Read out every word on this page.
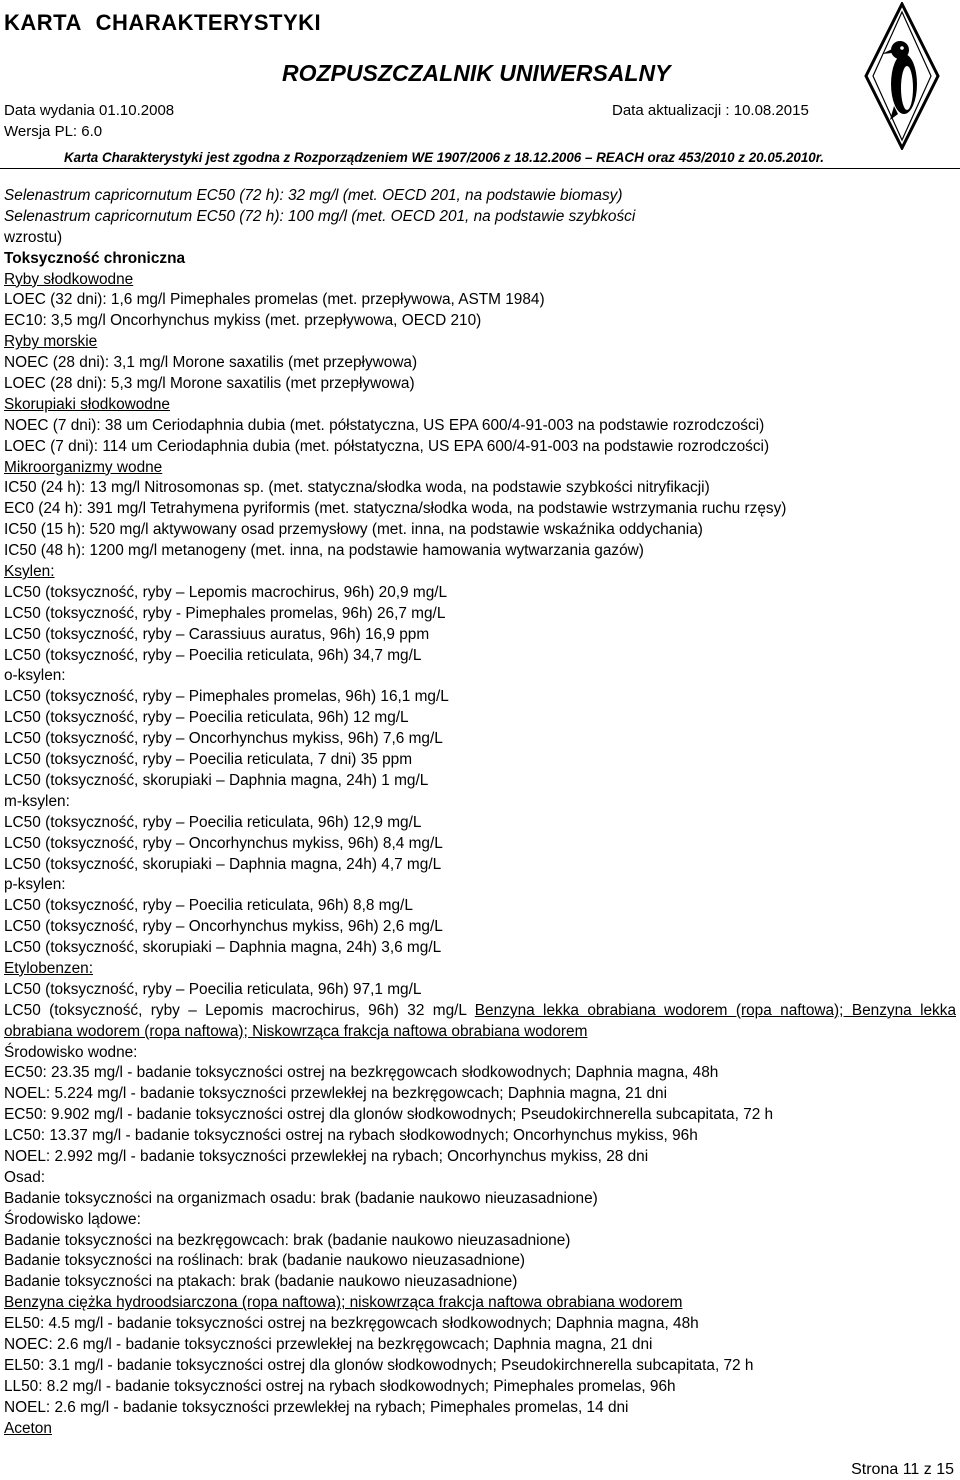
KARTA CHARAKTERYSTYKI
ROZPUSZCZALNIK UNIWERSALNY
Data wydania 01.10.2008	Data aktualizacji : 10.08.2015
Wersja PL: 6.0
Karta Charakterystyki jest zgodna z Rozporządzeniem WE 1907/2006 z 18.12.2006 – REACH oraz 453/2010 z 20.05.2010r.
Selenastrum capricornutum EC50 (72 h): 32 mg/l (met. OECD 201, na podstawie biomasy)
Selenastrum capricornutum EC50 (72 h): 100 mg/l (met. OECD 201, na podstawie szybkości
wzrostu)
Toksyczność chroniczna
Ryby słodkowodne
LOEC (32 dni): 1,6 mg/l Pimephales promelas (met. przepływowa, ASTM 1984)
EC10: 3,5 mg/l Oncorhynchus mykiss (met. przepływowa, OECD 210)
Ryby morskie
NOEC (28 dni): 3,1 mg/l Morone saxatilis (met przepływowa)
LOEC (28 dni): 5,3 mg/l Morone saxatilis (met przepływowa)
Skorupiaki słodkowodne
NOEC (7 dni): 38 um Ceriodaphnia dubia (met. półstatyczna, US EPA 600/4-91-003 na podstawie rozrodczości)
LOEC (7 dni): 114 um Ceriodaphnia dubia (met. półstatyczna, US EPA 600/4-91-003 na podstawie rozrodczości)
Mikroorganizmy wodne
IC50 (24 h): 13 mg/l Nitrosomonas sp. (met. statyczna/słodka woda, na podstawie szybkości nitryfikacji)
EC0 (24 h): 391 mg/l Tetrahymena pyriformis (met. statyczna/słodka woda, na podstawie wstrzymania ruchu rzęsy)
IC50 (15 h): 520 mg/l aktywowany osad przemysłowy (met. inna, na podstawie wskaźnika oddychania)
IC50 (48 h): 1200 mg/l metanogeny (met. inna, na podstawie hamowania wytwarzania gazów)
Ksylen:
LC50 (toksyczność, ryby – Lepomis macrochirus, 96h) 20,9 mg/L
LC50 (toksyczność, ryby - Pimephales promelas, 96h) 26,7 mg/L
LC50 (toksyczność, ryby – Carassiuus auratus, 96h) 16,9 ppm
LC50 (toksyczność, ryby – Poecilia reticulata, 96h) 34,7 mg/L
o-ksylen:
LC50 (toksyczność, ryby – Pimephales promelas, 96h) 16,1 mg/L
LC50 (toksyczność, ryby – Poecilia reticulata, 96h) 12 mg/L
LC50 (toksyczność, ryby – Oncorhynchus mykiss, 96h) 7,6 mg/L
LC50 (toksyczność, ryby – Poecilia reticulata, 7 dni) 35 ppm
LC50 (toksyczność, skorupiaki – Daphnia magna, 24h) 1 mg/L
m-ksylen:
LC50 (toksyczność, ryby – Poecilia reticulata, 96h) 12,9 mg/L
LC50 (toksyczność, ryby – Oncorhynchus mykiss, 96h) 8,4 mg/L
LC50 (toksyczność, skorupiaki – Daphnia magna, 24h) 4,7 mg/L
p-ksylen:
LC50 (toksyczność, ryby – Poecilia reticulata, 96h) 8,8 mg/L
LC50 (toksyczność, ryby – Oncorhynchus mykiss, 96h) 2,6 mg/L
LC50 (toksyczność, skorupiaki – Daphnia magna, 24h) 3,6 mg/L
Etylobenzen:
LC50 (toksyczność, ryby – Poecilia reticulata, 96h) 97,1 mg/L
LC50 (toksyczność, ryby – Lepomis macrochirus, 96h) 32 mg/L Benzyna lekka obrabiana wodorem (ropa naftowa); Benzyna lekka obrabiana wodorem (ropa naftowa); Niskowrząca frakcja naftowa obrabiana wodorem
Środowisko wodne:
EC50: 23.35 mg/l - badanie toksyczności ostrej na bezkręgowcach słodkowodnych; Daphnia magna, 48h
NOEL: 5.224 mg/l - badanie toksyczności przewlekłej na bezkręgowcach; Daphnia magna, 21 dni
EC50: 9.902 mg/l - badanie toksyczności ostrej dla glonów słodkowodnych; Pseudokirchnerella subcapitata, 72 h
LC50: 13.37 mg/l - badanie toksyczności ostrej na rybach słodkowodnych; Oncorhynchus mykiss, 96h
NOEL: 2.992 mg/l - badanie toksyczności przewlekłej na rybach; Oncorhynchus mykiss, 28 dni
Osad:
Badanie toksyczności na organizmach osadu: brak (badanie naukowo nieuzasadnione)
Środowisko lądowe:
Badanie toksyczności na bezkręgowcach: brak (badanie naukowo nieuzasadnione)
Badanie toksyczności na roślinach: brak (badanie naukowo nieuzasadnione)
Badanie toksyczności na ptakach: brak (badanie naukowo nieuzasadnione)
Benzyna ciężka hydroodsiarczona (ropa naftowa); niskowrząca frakcja naftowa obrabiana wodorem
EL50: 4.5 mg/l - badanie toksyczności ostrej na bezkręgowcach słodkowodnych; Daphnia magna, 48h
NOEC: 2.6 mg/l - badanie toksyczności przewlekłej na bezkręgowcach; Daphnia magna, 21 dni
EL50: 3.1 mg/l - badanie toksyczności ostrej dla glonów słodkowodnych; Pseudokirchnerella subcapitata, 72 h
LL50: 8.2 mg/l - badanie toksyczności ostrej na rybach słodkowodnych; Pimephales promelas, 96h
NOEL: 2.6 mg/l - badanie toksyczności przewlekłej na rybach; Pimephales promelas, 14 dni
Aceton
Strona 11 z 15
